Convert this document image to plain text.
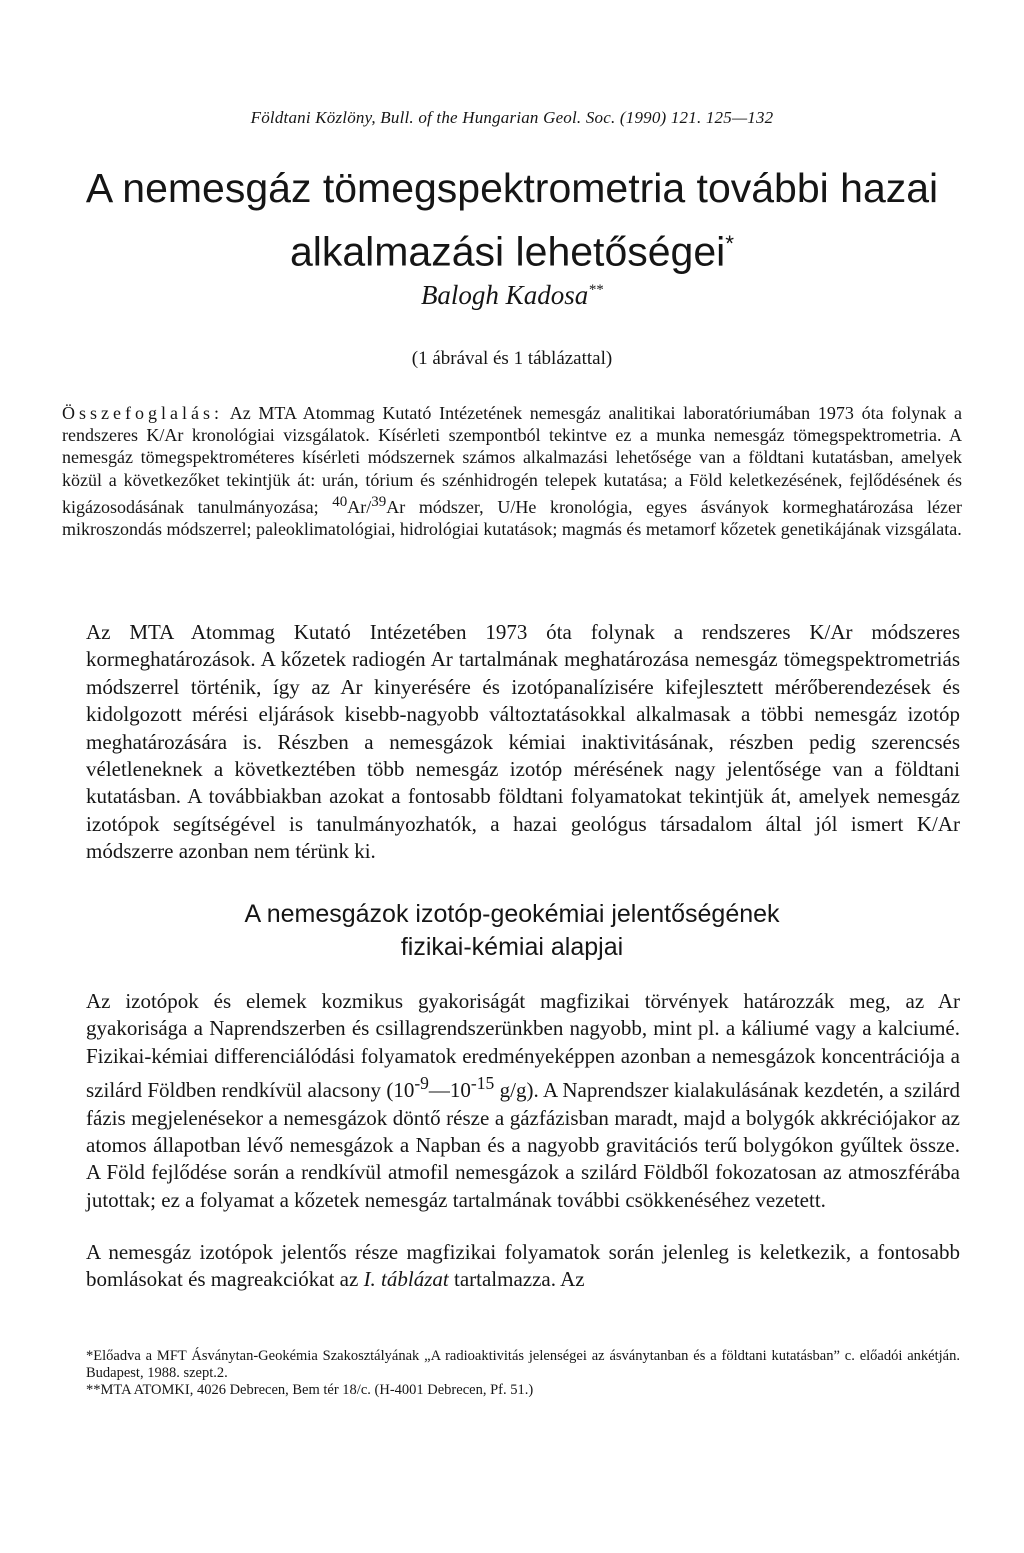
Földtani Közlöny, Bull. of the Hungarian Geol. Soc. (1990) 121. 125—132
A nemesgáz tömegspektrometria további hazai
alkalmazási lehetőségei*
Balogh Kadosa**
(1 ábrával és 1 táblázattal)

Összefoglalás: Az MTA Atommag Kutató Intézetének nemesgáz analitikai laboratóriumában 1973 óta folynak a rendszeres K/Ar kronológiai vizsgálatok. Kísérleti szempontból tekintve ez a munka nemesgáz tömegspektrometria. A nemesgáz tömegspektrométeres kísérleti módszernek számos alkalmazási lehetősége van a földtani kutatásban, amelyek közül a következőket tekintjük át: urán, tórium és szénhidrogén telepek kutatása; a Föld keletkezésének, fejlődésének és kigázosodásának tanulmányozása; $^{40}$Ar/$^{39}$Ar módszer, U/He kronológia, egyes ásványok kormeghatározása lézer mikroszondás módszerrel; paleoklimatológiai, hidrológiai kutatások; magmás és metamorf kőzetek genetikájának vizsgálata.

Az MTA Atommag Kutató Intézetében 1973 óta folynak a rendszeres K/Ar módszeres kormeghatározások. A kőzetek radiogén Ar tartalmának meghatározása nemesgáz tömegspektrometriás módszerrel történik, így az Ar kinyerésére és izotópanalízisére kifejlesztett mérőberendezések és kidolgozott mérési eljárások kisebb-nagyobb változtatásokkal alkalmasak a többi nemesgáz izotóp meghatározására is. Részben a nemesgázok kémiai inaktivitásának, részben pedig szerencsés véletleneknek a következtében több nemesgáz izotóp mérésének nagy jelentősége van a földtani kutatásban. A továbbiakban azokat a fontosabb földtani folyamatokat tekintjük át, amelyek nemesgáz izotópok segítségével is tanulmányozhatók, a hazai geológus társadalom által jól ismert K/Ar módszerre azonban nem térünk ki.

A nemesgázok izotóp-geokémiai jelentőségének
fizikai-kémiai alapjai

Az izotópok és elemek kozmikus gyakoriságát magfizikai törvények határozzák meg, az Ar gyakorisága a Naprendszerben és csillagrendszerünkben nagyobb, mint pl. a káliumé vagy a kalciumé. Fizikai-kémiai differenciálódási folyamatok eredményeképpen azonban a nemesgázok koncentrációja a szilárd Földben rendkívül alacsony ($10^{-9}—10^{-15}$ g/g). A Naprendszer kialakulásának kezdetén, a szilárd fázis megjelenésekor a nemesgázok döntő része a gázfázisban maradt, majd a bolygók akkréciójakor az atomos állapotban lévő nemesgázok a Napban és a nagyobb gravitációs terű bolygókon gyűltek össze. A Föld fejlődése során a rendkívül atmofil nemesgázok a szilárd Földből fokozatosan az atmoszférába jutottak; ez a folyamat a kőzetek nemesgáz tartalmának további csökkenéséhez vezetett.

A nemesgáz izotópok jelentős része magfizikai folyamatok során jelenleg is keletkezik, a fontosabb bomlásokat és magreakciókat az I. táblázat tartalmazza. Az

*Előadva a MFT Ásványtan-Geokémia Szakosztályának „A radioaktivitás jelenségei az ásványtanban és a földtani kutatásban” c. előadói ankétján. Budapest, 1988. szept.2.

**MTA ATOMKI, 4026 Debrecen, Bem tér 18/c. (H-4001 Debrecen, Pf. 51.)
